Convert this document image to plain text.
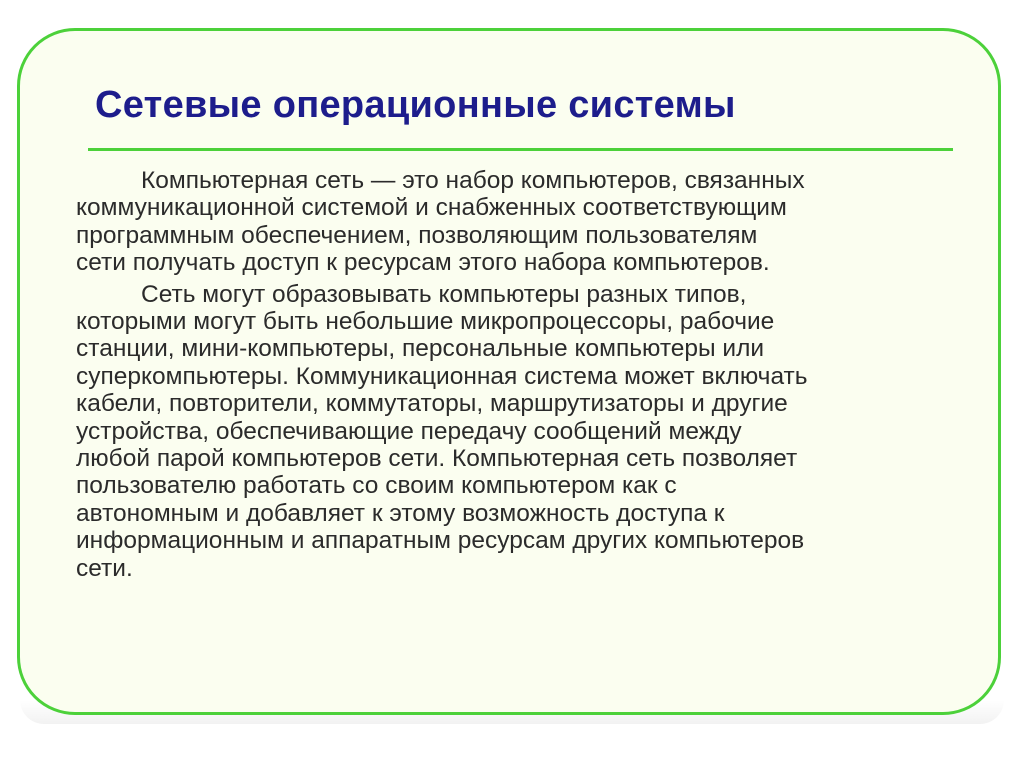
Сетевые операционные системы

Компьютерная сеть — это набор компьютеров, связанных
коммуникационной системой и снабженных соответствующим
программным обеспечением, позволяющим пользователям
сети получать доступ к ресурсам этого набора компьютеров.

Сеть могут образовывать компьютеры разных типов,
которыми могут быть небольшие микропроцессоры, рабочие
станции, мини-компьютеры, персональные компьютеры или
суперкомпьютеры. Коммуникационная система может включать
кабели, повторители, коммутаторы, маршрутизаторы и другие
устройства, обеспечивающие передачу сообщений между
любой парой компьютеров сети. Компьютерная сеть позволяет
пользователю работать со своим компьютером как с
автономным и добавляет к этому возможность доступа к
информационным и аппаратным ресурсам других компьютеров
сети.
